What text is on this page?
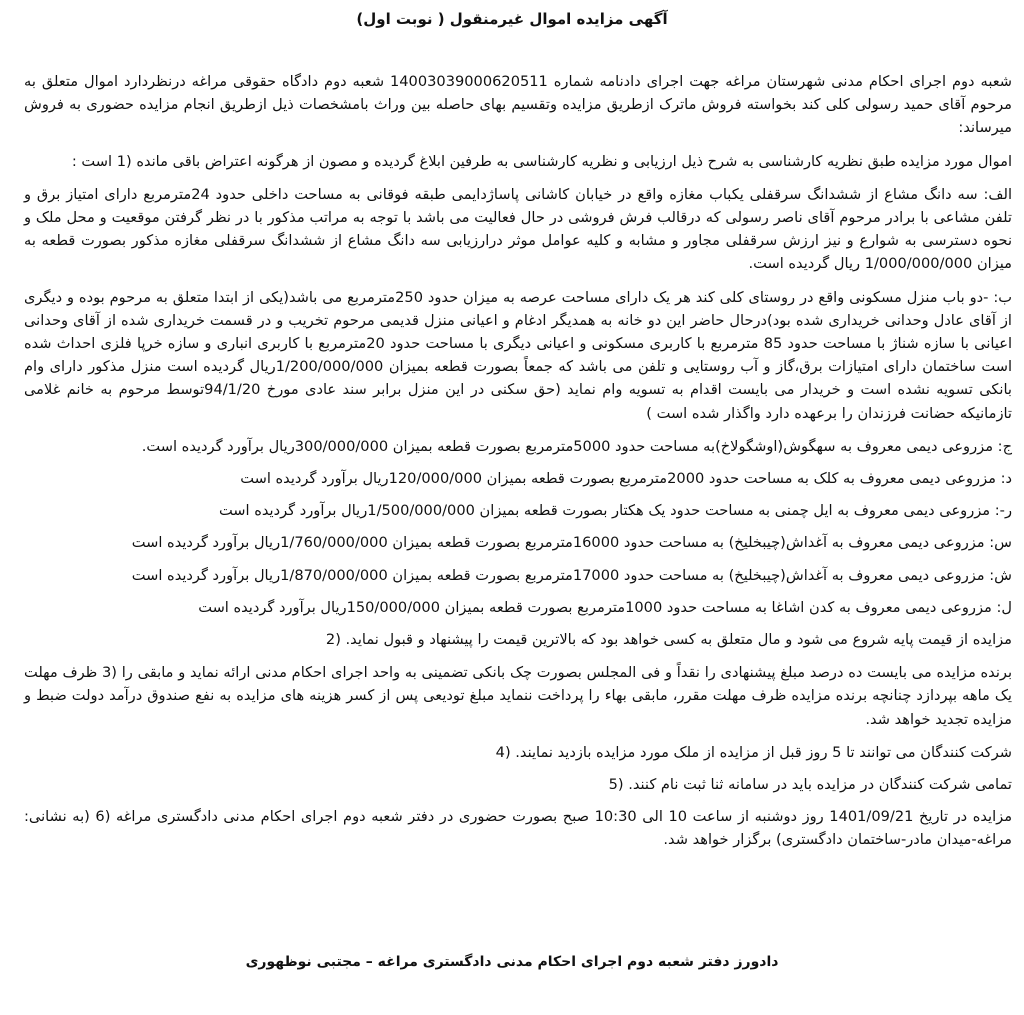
آگهی مزایده اموال غیرمنقول ( نوبت اول)

شعبه دوم اجرای احکام مدنی شهرستان مراغه جهت اجرای دادنامه شماره 14003039000620511 شعبه دوم دادگاه حقوقی مراغه درنظردارد اموال متعلق به مرحوم آقای حمید رسولی کلی کند بخواسته فروش ماترک ازطریق مزایده وتقسیم بهای حاصله بین وراث بامشخصات ذیل ازطریق انجام مزایده حضوری به فروش میرساند:

اموال مورد مزایده طبق نظریه کارشناسی به شرح ذیل ارزیابی و نظریه کارشناسی به طرفین ابلاغ گردیده و مصون از هرگونه اعتراض باقی مانده (1 است :

الف: سه دانگ مشاع از ششدانگ سرقفلی یکباب مغازه واقع در خیابان کاشانی پاساژدایمی طبقه فوقانی به مساحت داخلی حدود 24مترمربع دارای امتیاز برق و تلفن مشاعی با برادر مرحوم آقای ناصر رسولی که درقالب فرش فروشی در حال فعالیت می باشد با توجه به مراتب مذکور با در نظر گرفتن موقعیت و محل ملک و نحوه دسترسی به شوارع و نیز ارزش سرقفلی مجاور و مشابه و کلیه عوامل موثر درارزیابی سه دانگ مشاع از ششدانگ سرقفلی مغازه مذکور بصورت قطعه به میزان 1/000/000/000 ریال گردیده است.

ب: -دو باب منزل مسکونی واقع در روستای کلی کند هر یک دارای مساحت عرصه به میزان حدود 250مترمربع می باشد(یکی از ابتدا متعلق به مرحوم بوده و دیگری از آقای عادل وحدانی خریداری شده بود)درحال حاضر این دو خانه به همدیگر ادغام و اعیانی منزل قدیمی مرحوم تخریب و در قسمت خریداری شده از آقای وحدانی اعیانی با سازه شناژ با مساحت حدود 85 مترمربع با کاربری مسکونی و اعیانی دیگری با مساحت حدود 20مترمربع با کاربری انباری و سازه خرپا فلزی احداث شده است ساختمان دارای امتیازات برق،گاز و آب روستایی و تلفن می باشد که جمعاً بصورت قطعه بمیزان 1/200/000/000ریال گردیده است منزل مذکور دارای وام بانکی تسویه نشده است و خریدار می بایست اقدام به تسویه وام نماید (حق سکنی در این منزل برابر سند عادی مورخ 94/1/20توسط مرحوم به خانم غلامی تازمانیکه حضانت فرزندان را برعهده دارد واگذار شده است )

ج: مزروعی دیمی معروف به سهگوش(اوشگولاخ)به مساحت حدود 5000مترمربع بصورت قطعه بمیزان 300/000/000ریال برآورد گردیده است.

د: مزروعی دیمی معروف به کلک به مساحت حدود 2000مترمربع بصورت قطعه بمیزان 120/000/000ریال برآورد گردیده است

ر-: مزروعی دیمی معروف به ایل چمنی به مساحت حدود یک هکتار بصورت قطعه بمیزان 1/500/000/000ریال برآورد گردیده است

س: مزروعی دیمی معروف به آغداش(چیبخلیخ) به مساحت حدود 16000مترمربع بصورت قطعه بمیزان 1/760/000/000ریال برآورد گردیده است

ش: مزروعی دیمی معروف به آغداش(چیبخلیخ) به مساحت حدود 17000مترمربع بصورت قطعه بمیزان 1/870/000/000ریال برآورد گردیده است

ل: مزروعی دیمی معروف به کدن اشاغا به مساحت حدود 1000مترمربع بصورت قطعه بمیزان 150/000/000ریال برآورد گردیده است

مزایده از قیمت پایه شروع می شود و مال متعلق به کسی خواهد بود که بالاترین قیمت را پیشنهاد و قبول نماید. (2

برنده مزایده می بایست ده درصد مبلغ پیشنهادی را نقداً و فی المجلس بصورت چک بانکی تضمینی به واحد اجرای احکام مدنی ارائه نماید و مابقی را (3 ظرف مهلت یک ماهه بپردازد چنانچه برنده مزایده ظرف مهلت مقرر، مابقی بهاء را پرداخت ننماید مبلغ تودیعی پس از کسر هزینه های مزایده به نفع صندوق درآمد دولت ضبط و مزایده تجدید خواهد شد.

شرکت کنندگان می توانند تا 5 روز قبل از مزایده از ملک مورد مزایده بازدید نمایند. (4

تمامی شرکت کنندگان در مزایده باید در سامانه ثنا ثبت نام کنند. (5

مزایده در تاریخ 1401/09/21 روز دوشنبه از ساعت 10 الی 10:30 صبح بصورت حضوری در دفتر شعبه دوم اجرای احکام مدنی دادگستری مراغه (6 (به نشانی: مراغه-میدان مادر-ساختمان دادگستری) برگزار خواهد شد.

دادورز دفتر شعبه دوم اجرای احکام مدنی دادگستری مراغه – مجتبی نوظهوری
